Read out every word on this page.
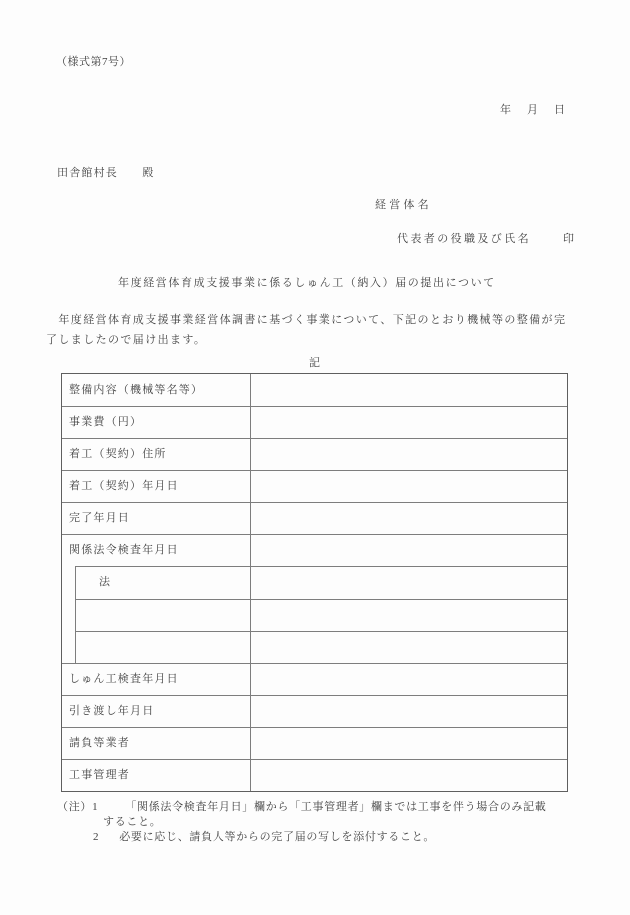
（様式第7号）
年　月　日
田舎館村長　　殿
経営体名
代表者の役職及び氏名	印
年度経営体育成支援事業に係るしゅん工（納入）届の提出について
　年度経営体育成支援事業経営体調書に基づく事業について、下記のとおり機械等の整備が完
了しましたので届け出ます。
記
整備内容（機械等名等）
事業費（円）
着工（契約）住所
着工（契約）年月日
完了年月日
関係法令検査年月日
法
しゅん工検査年月日
引き渡し年月日
請負等業者
工事管理者
（注）1 「関係法令検査年月日」欄から「工事管理者」欄までは工事を伴う場合のみ記載
すること。
2 必要に応じ、請負人等からの完了届の写しを添付すること。
